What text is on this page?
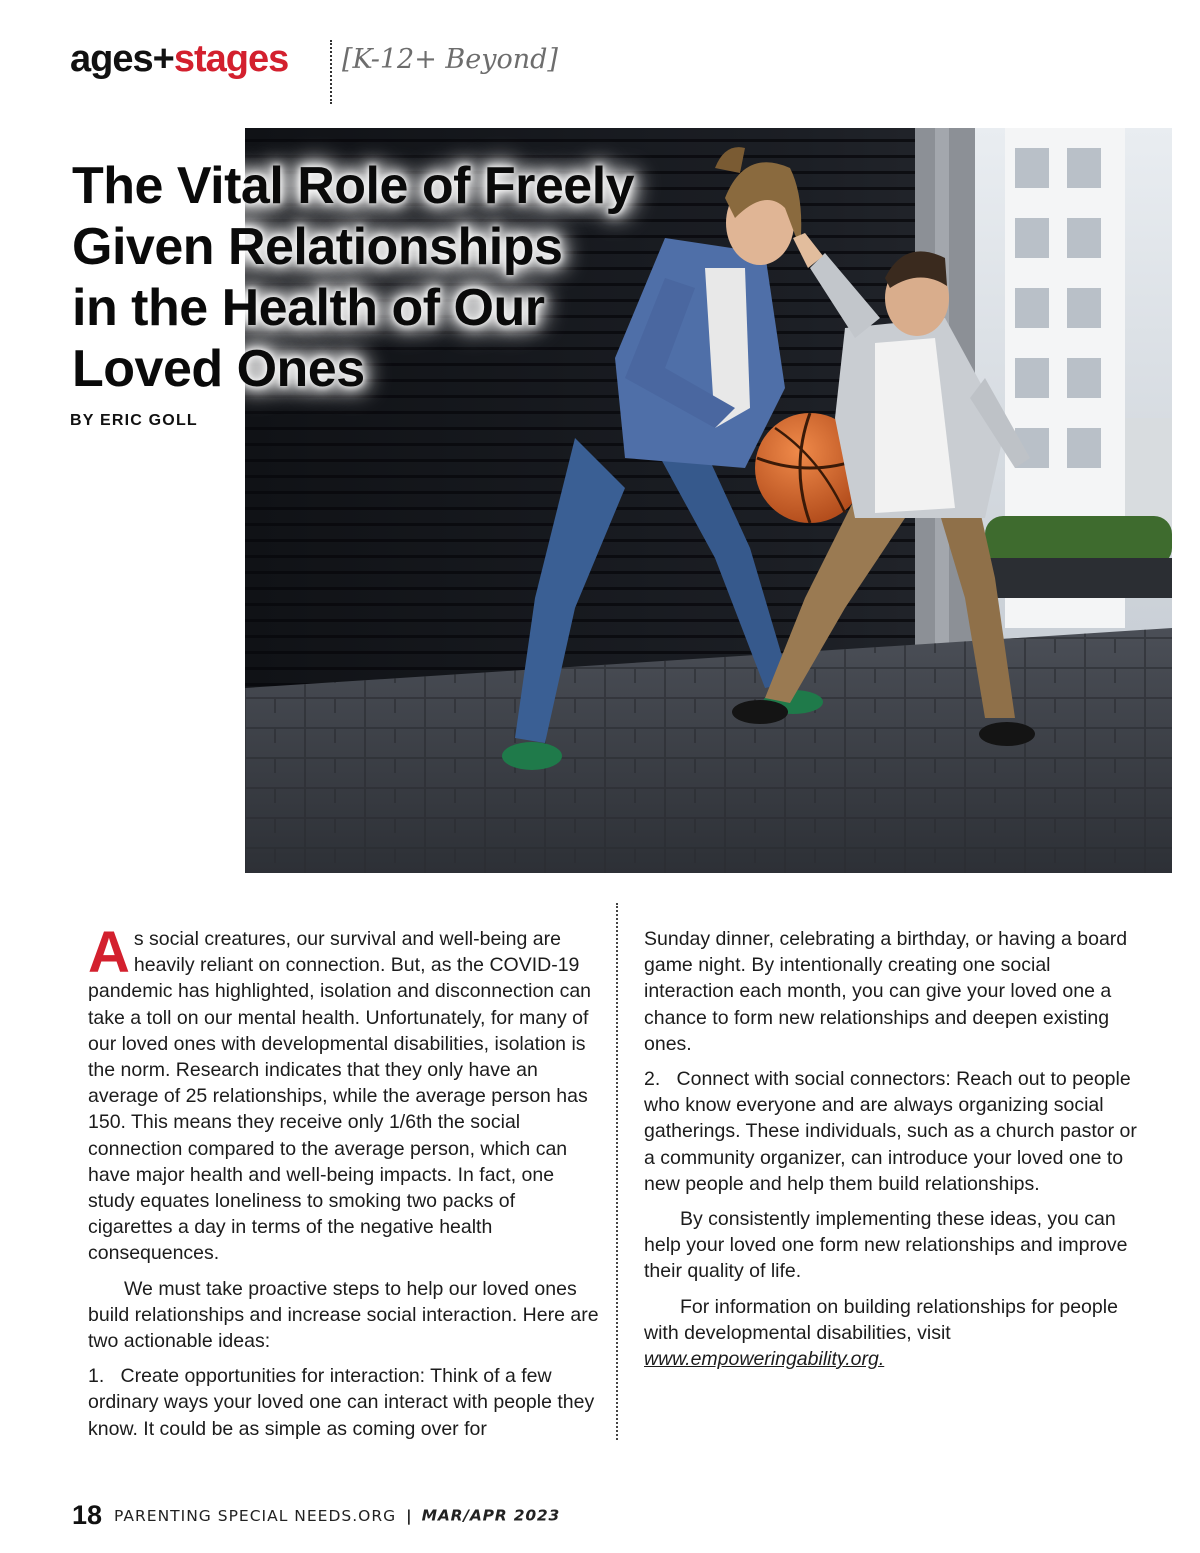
ages+stages [K-12+ Beyond]
The Vital Role of Freely
Given Relationships
in the Health of Our
Loved Ones
BY ERIC GOLL

As social creatures, our survival and well-being are heavily reliant on connection. But, as the COVID-19 pandemic has highlighted, isolation and disconnection can take a toll on our mental health. Unfortunately, for many of our loved ones with developmental disabilities, isolation is the norm. Research indicates that they only have an average of 25 relationships, while the average person has 150. This means they receive only 1/6th the social connection compared to the average person, which can have major health and well-being impacts. In fact, one study equates loneliness to smoking two packs of cigarettes a day in terms of the negative health consequences.

We must take proactive steps to help our loved ones build relationships and increase social interaction. Here are two actionable ideas:

1.   Create opportunities for interaction: Think of a few ordinary ways your loved one can interact with people they know. It could be as simple as coming over for

Sunday dinner, celebrating a birthday, or having a board game night. By intentionally creating one social interaction each month, you can give your loved one a chance to form new relationships and deepen existing ones.

2.   Connect with social connectors: Reach out to people who know everyone and are always organizing social gatherings. These individuals, such as a church pastor or a community organizer, can introduce your loved one to new people and help them build relationships.

By consistently implementing these ideas, you can help your loved one form new relationships and improve their quality of life.

For information on building relationships for people with developmental disabilities, visit www.empoweringability.org.

18 PARENTING SPECIAL NEEDS.ORG | MAR/APR 2023
